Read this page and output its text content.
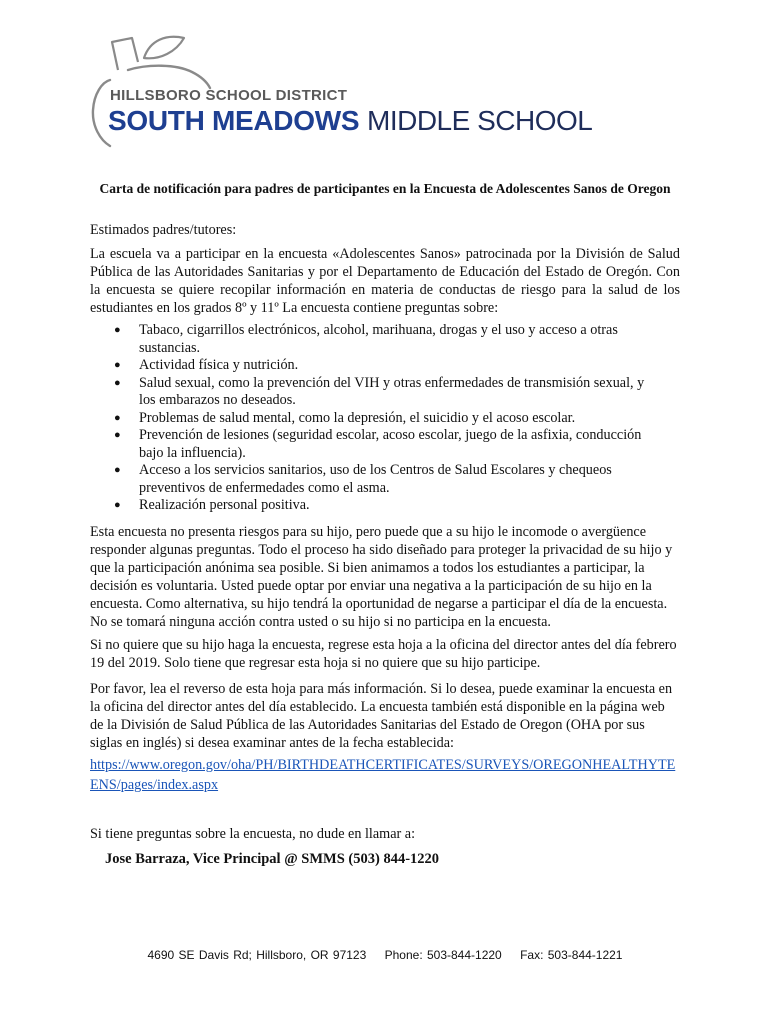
HILLSBORO SCHOOL DISTRICT
SOUTH MEADOWS MIDDLE SCHOOL
Carta de notificación para padres de participantes en la Encuesta de Adolescentes Sanos de Oregon
Estimados padres/tutores:
La escuela va a participar en la encuesta «Adolescentes Sanos» patrocinada por la División de Salud Pública de las Autoridades Sanitarias y por el Departamento de Educación del Estado de Oregón. Con la encuesta se quiere recopilar información en materia de conductas de riesgo para la salud de los estudiantes en los grados 8º y 11º La encuesta contiene preguntas sobre:
● Tabaco, cigarrillos electrónicos, alcohol, marihuana, drogas y el uso y acceso a otras sustancias.
● Actividad física y nutrición.
● Salud sexual, como la prevención del VIH y otras enfermedades de transmisión sexual, y los embarazos no deseados.
● Problemas de salud mental, como la depresión, el suicidio y el acoso escolar.
● Prevención de lesiones (seguridad escolar, acoso escolar, juego de la asfixia, conducción bajo la influencia).
● Acceso a los servicios sanitarios, uso de los Centros de Salud Escolares y chequeos preventivos de enfermedades como el asma.
● Realización personal positiva.
Esta encuesta no presenta riesgos para su hijo, pero puede que a su hijo le incomode o avergüence responder algunas preguntas. Todo el proceso ha sido diseñado para proteger la privacidad de su hijo y que la participación anónima sea posible. Si bien animamos a todos los estudiantes a participar, la decisión es voluntaria. Usted puede optar por enviar una negativa a la participación de su hijo en la encuesta. Como alternativa, su hijo tendrá la oportunidad de negarse a participar el día de la encuesta. No se tomará ninguna acción contra usted o su hijo si no participa en la encuesta.
Si no quiere que su hijo haga la encuesta, regrese esta hoja a la oficina del director antes del día febrero 19 del 2019. Solo tiene que regresar esta hoja si no quiere que su hijo participe.
Por favor, lea el reverso de esta hoja para más información. Si lo desea, puede examinar la encuesta en la oficina del director antes del día establecido. La encuesta también está disponible en la página web de la División de Salud Pública de las Autoridades Sanitarias del Estado de Oregon (OHA por sus siglas en inglés) si desea examinar antes de la fecha establecida:
https://www.oregon.gov/oha/PH/BIRTHDEATHCERTIFICATES/SURVEYS/OREGONHEALTHYTEENS/pages/index.aspx
Si tiene preguntas sobre la encuesta, no dude en llamar a:
Jose Barraza, Vice Principal @ SMMS (503) 844-1220
4690 SE Davis Rd; Hillsboro, OR 97123 Phone: 503-844-1220 Fax: 503-844-1221
